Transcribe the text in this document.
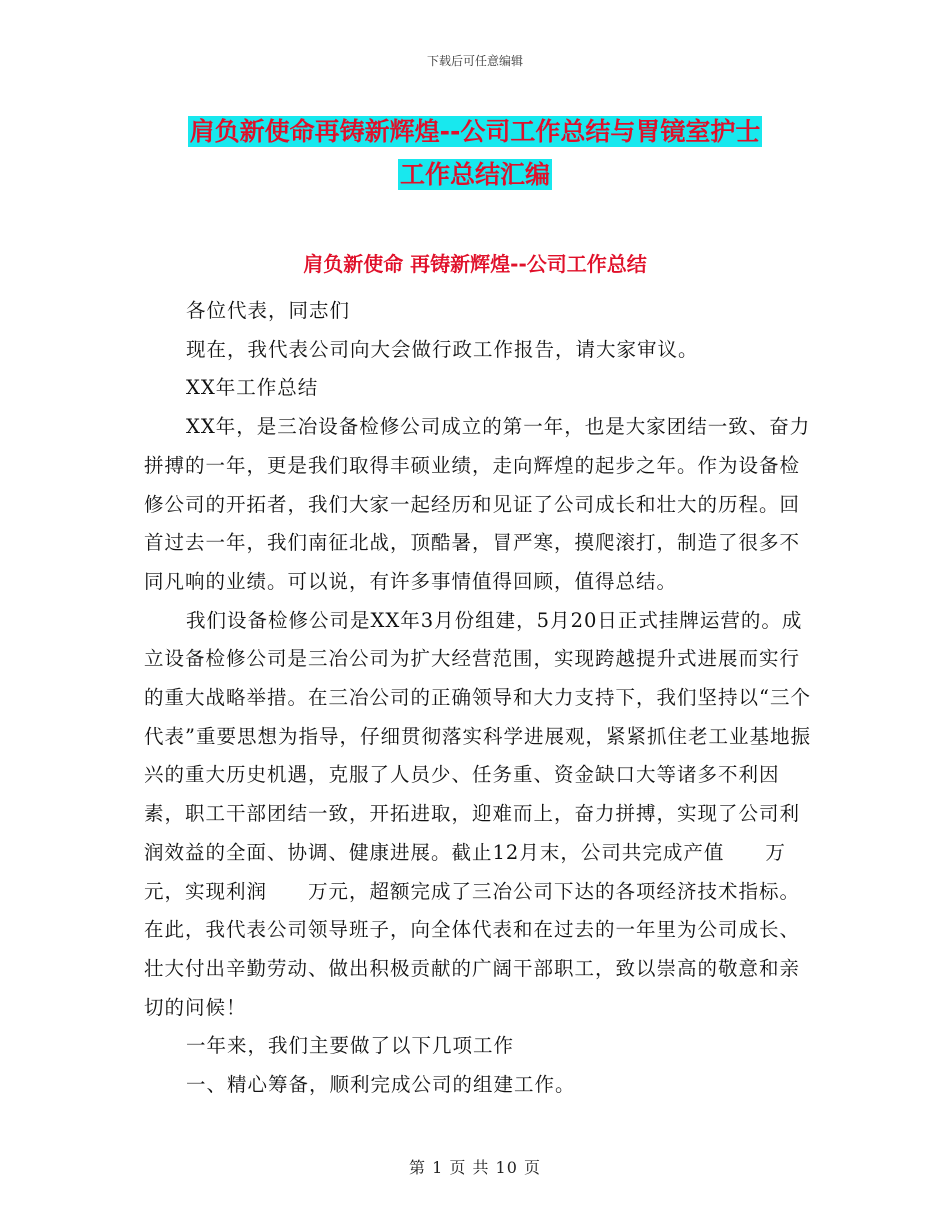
下载后可任意编辑
肩负新使命再铸新辉煌--公司工作总结与胃镜室护士
工作总结汇编
肩负新使命 再铸新辉煌--公司工作总结

各位代表，同志们

现在，我代表公司向大会做行政工作报告，请大家审议。

XX年工作总结

XX年，是三冶设备检修公司成立的第一年，也是大家团结一致、奋力拼搏的一年，更是我们取得丰硕业绩，走向辉煌的起步之年。作为设备检修公司的开拓者，我们大家一起经历和见证了公司成长和壮大的历程。回首过去一年，我们南征北战，顶酷暑，冒严寒，摸爬滚打，制造了很多不同凡响的业绩。可以说，有许多事情值得回顾，值得总结。

我们设备检修公司是XX年3月份组建，5月20日正式挂牌运营的。成立设备检修公司是三冶公司为扩大经营范围，实现跨越提升式进展而实行的重大战略举措。在三冶公司的正确领导和大力支持下，我们坚持以“三个代表”重要思想为指导，仔细贯彻落实科学进展观，紧紧抓住老工业基地振兴的重大历史机遇，克服了人员少、任务重、资金缺口大等诸多不利因素，职工干部团结一致，开拓进取，迎难而上，奋力拼搏，实现了公司利润效益的全面、协调、健康进展。截止12月末，公司共完成产值　　万元，实现利润　　万元，超额完成了三冶公司下达的各项经济技术指标。在此，我代表公司领导班子，向全体代表和在过去的一年里为公司成长、壮大付出辛勤劳动、做出积极贡献的广阔干部职工，致以崇高的敬意和亲切的问候！

一年来，我们主要做了以下几项工作

一、精心筹备，顺利完成公司的组建工作。

第 1 页 共 10 页
